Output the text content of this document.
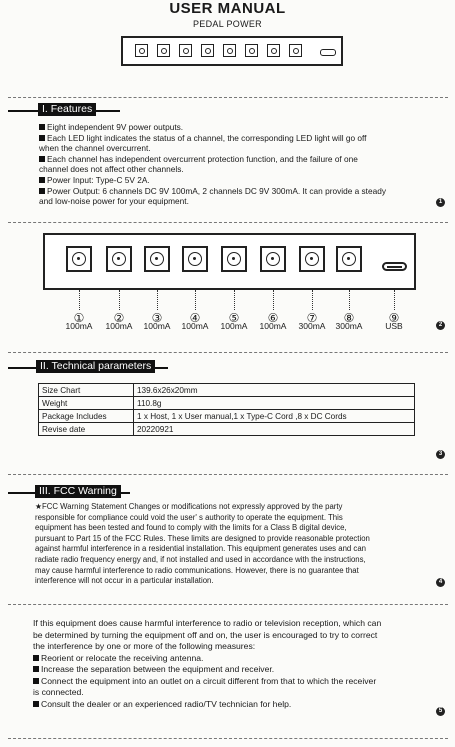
USER MANUAL
PEDAL POWER
I. Features
Eight independent 9V power outputs.
Each LED light indicates the status of a channel, the corresponding LED light will go off
when the channel overcurrent.
Each channel has independent overcurrent protection function, and the failure of one
channel does not affect other channels.
Power Input: Type-C 5V 2A.
Power Output: 6 channels DC 9V 100mA, 2 channels DC 9V 300mA. It can provide a steady
and low-noise power for your equipment.	1
①	②	③	④	⑤	⑥	⑦	⑧	⑨
100mA	100mA	100mA	100mA	100mA	100mA	300mA	300mA	USB	2
II. Technical parameters
Size Chart	139.6x26x20mm
Weight	110.8g
Package Includes	1 x Host, 1 x User manual,1 x Type-C Cord ,8 x DC Cords
Revise date	20220921
3
III. FCC Warning
★FCC Warning Statement Changes or modifications not expressly approved by the party
responsible for compliance could void the user' s authority to operate the equipment. This
equipment has been tested and found to comply with the limits for a Class B digital device,
pursuant to Part 15 of the FCC Rules. These limits are designed to provide reasonable protection
against harmful interference in a residential installation. This equipment generates uses and can
radiate radio frequency energy and, if not installed and used in accordance with the instructions,
may cause harmful interference to radio communications. However, there is no guarantee that
interference will not occur in a particular installation.	4
If this equipment does cause harmful interference to radio or television reception, which can
be determined by turning the equipment off and on, the user is encouraged to try to correct
the interference by one or more of the following measures:
Reorient or relocate the receiving antenna.
Increase the separation between the equipment and receiver.
Connect the equipment into an outlet on a circuit different from that to which the receiver
is connected.
Consult the dealer or an experienced radio/TV technician for help.
5
